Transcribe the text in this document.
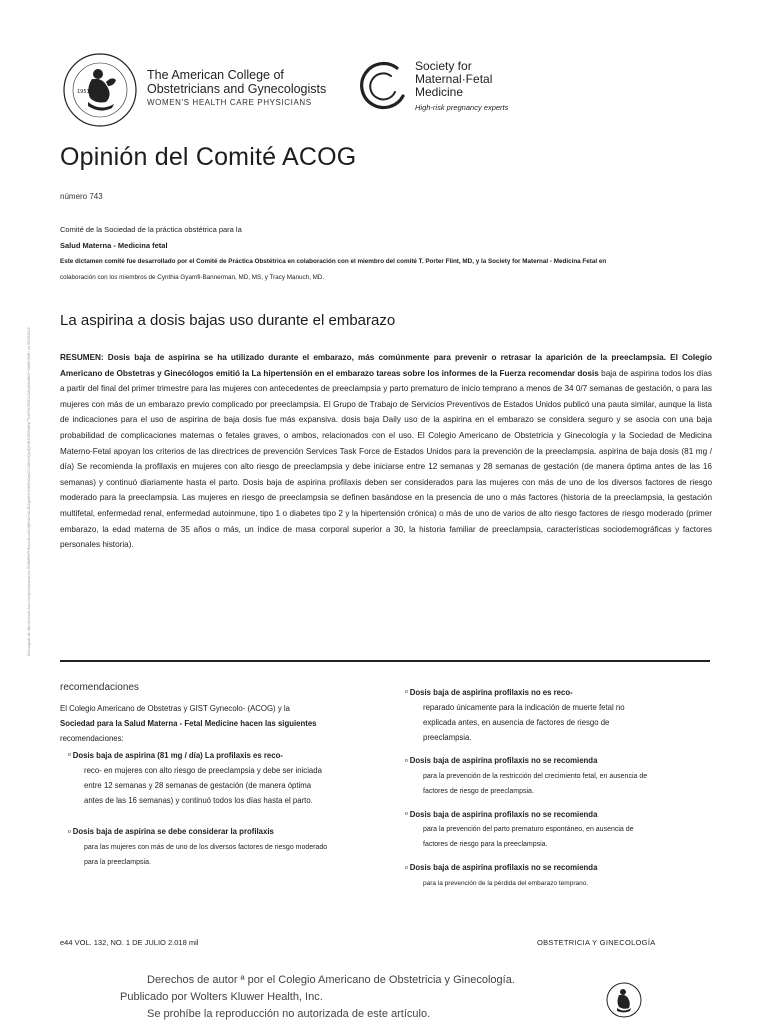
1951
The American College of
Obstetricians and Gynecologists
WOMEN'S HEALTH CARE PHYSICIANS
Society for
Maternal·Fetal
Medicine
High-risk pregnancy experts
Opinión del Comité ACOG
número 743
Comité de la Sociedad de la práctica obstétrica para la
Salud Materna - Medicina fetal
Este dictamen comité fue desarrollado por el Comité de Práctica Obstétrica en colaboración con el miembro del comité T. Porter Flint, MD, y la Society for Maternal - Medicina Fetal en
colaboración con los miembros de Cynthia Gyamfi-Bannerman, MD, MS, y Tracy Manuch, MD.
Descargado de http://journals.lww.com/greenjournal por BhDMf5ePHKav1zEoum1tQfN4a+kJLhEZgbsIHo4XMi0hCywCX1AWnYQp/IlQrHD3i3D0OdRyi7TvSFl4Cf3VC4/OAVpDDa8K2+Ya6H515kE= on 06/28/2018
La aspirina a dosis bajas uso durante el embarazo
RESUMEN: Dosis baja de aspirina se ha utilizado durante el embarazo, más comúnmente para prevenir o retrasar la aparición de la preeclampsia. El Colegio Americano de Obstetras y Ginecólogos emitió la La hipertensión en el embarazo tareas sobre los informes de la Fuerza recomendar dosis baja de aspirina todos los días a partir del final del primer trimestre para las mujeres con antecedentes de preeclampsia y parto prematuro de inicio temprano a menos de 34 0/7 semanas de gestación, o para las mujeres con más de un embarazo previo complicado por preeclampsia. El Grupo de Trabajo de Servicios Preventivos de Estados Unidos publicó una pauta similar, aunque la lista de indicaciones para el uso de aspirina de baja dosis fue más expansiva. dosis baja Daily uso de la aspirina en el embarazo se considera seguro y se asocia con una baja probabilidad de complicaciones maternas o fetales graves, o ambos, relacionados con el uso. El Colegio Americano de Obstetricia y Ginecología y la Sociedad de Medicina Materno-Fetal apoyan los criterios de las directrices de prevención Services Task Force de Estados Unidos para la prevención de la preeclampsia. aspirina de baja dosis (81 mg / día) Se recomienda la profilaxis en mujeres con alto riesgo de preeclampsia y debe iniciarse entre 12 semanas y 28 semanas de gestación (de manera óptima antes de las 16 semanas) y continuó diariamente hasta el parto. Dosis baja de aspirina profilaxis deben ser considerados para las mujeres con más de uno de los diversos factores de riesgo moderado para la preeclampsia. Las mujeres en riesgo de preeclampsia se definen basándose en la presencia de uno o más factores (historia de la preeclampsia, la gestación multifetal, enfermedad renal, enfermedad autoinmune, tipo 1 o diabetes tipo 2 y la hipertensión crónica) o más de uno de varios de alto riesgo factores de riesgo moderado (primer embarazo, la edad materna de 35 años o más, un índice de masa corporal superior a 30, la historia familiar de preeclampsia, características sociodemográficas y factores personales historia).
recomendaciones
El Colegio Americano de Obstetras y GIST Gynecolo- (ACOG) y la
Sociedad para la Salud Materna - Fetal Medicine hacen las siguientes
recomendaciones:
o Dosis baja de aspirina (81 mg / día) La profilaxis es reco-
reco- en mujeres con alto riesgo de preeclampsia y debe ser iniciada
entre 12 semanas y 28 semanas de gestación (de manera óptima
antes de las 16 semanas) y continuó todos los días hasta el parto.
o Dosis baja de aspirina se debe considerar la profilaxis
para las mujeres con más de uno de los diversos factores de riesgo moderado
para la preeclampsia.
o Dosis baja de aspirina profilaxis no es reco-
reparado únicamente para la indicación de muerte fetal no
explicada antes, en ausencia de factores de riesgo de
preeclampsia.
o Dosis baja de aspirina profilaxis no se recomienda
para la prevención de la restricción del crecimiento fetal, en ausencia de
factores de riesgo de preeclampsia.
o Dosis baja de aspirina profilaxis no se recomienda
para la prevención del parto prematuro espontáneo, en ausencia de
factores de riesgo para la preeclampsia.
o Dosis baja de aspirina profilaxis no se recomienda
para la prevención de la pérdida del embarazo temprano.
e44 VOL. 132, NO. 1 DE JULIO 2.018 mil	OBSTETRICIA Y GINECOLOGÍA
Derechos de autor ª por el Colegio Americano de Obstetricia y Ginecología.
Publicado por Wolters Kluwer Health, Inc.
Se prohíbe la reproducción no autorizada de este artículo.
